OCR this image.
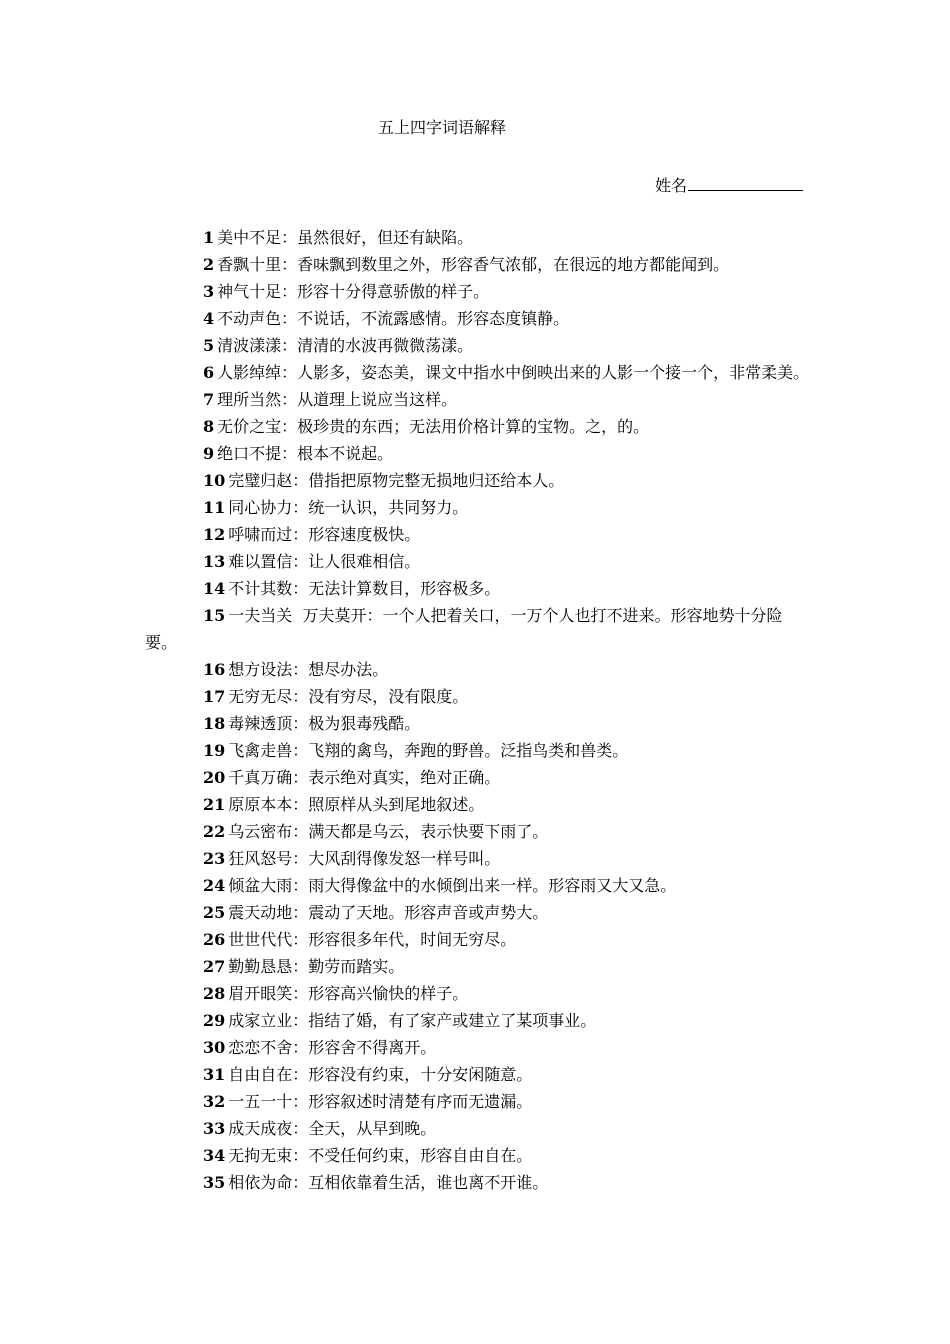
五上四字词语解释
姓名
1 美中不足：虽然很好，但还有缺陷。
2 香飘十里：香味飘到数里之外，形容香气浓郁，在很远的地方都能闻到。
3 神气十足：形容十分得意骄傲的样子。
4 不动声色：不说话，不流露感情。形容态度镇静。
5 清波漾漾：清清的水波再微微荡漾。
6 人影绰绰：人影多，姿态美，课文中指水中倒映出来的人影一个接一个，非常柔美。
7 理所当然：从道理上说应当这样。
8 无价之宝：极珍贵的东西；无法用价格计算的宝物。之，的。
9 绝口不提：根本不说起。
10 完璧归赵：借指把原物完整无损地归还给本人。
11 同心协力：统一认识，共同努力。
12 呼啸而过：形容速度极快。
13 难以置信：让人很难相信。
14 不计其数：无法计算数目，形容极多。
15 一夫当关  万夫莫开：一个人把着关口，一万个人也打不进来。形容地势十分险要。
16 想方设法：想尽办法。
17 无穷无尽：没有穷尽，没有限度。
18 毒辣透顶：极为狠毒残酷。
19 飞禽走兽：飞翔的禽鸟，奔跑的野兽。泛指鸟类和兽类。
20 千真万确：表示绝对真实，绝对正确。
21 原原本本：照原样从头到尾地叙述。
22 乌云密布：满天都是乌云，表示快要下雨了。
23 狂风怒号：大风刮得像发怒一样号叫。
24 倾盆大雨：雨大得像盆中的水倾倒出来一样。形容雨又大又急。
25 震天动地：震动了天地。形容声音或声势大。
26 世世代代：形容很多年代，时间无穷尽。
27 勤勤恳恳：勤劳而踏实。
28 眉开眼笑：形容高兴愉快的样子。
29 成家立业：指结了婚，有了家产或建立了某项事业。
30 恋恋不舍：形容舍不得离开。
31 自由自在：形容没有约束，十分安闲随意。
32 一五一十：形容叙述时清楚有序而无遗漏。
33 成天成夜：全天，从早到晚。
34 无拘无束：不受任何约束，形容自由自在。
35 相依为命：互相依靠着生活，谁也离不开谁。
